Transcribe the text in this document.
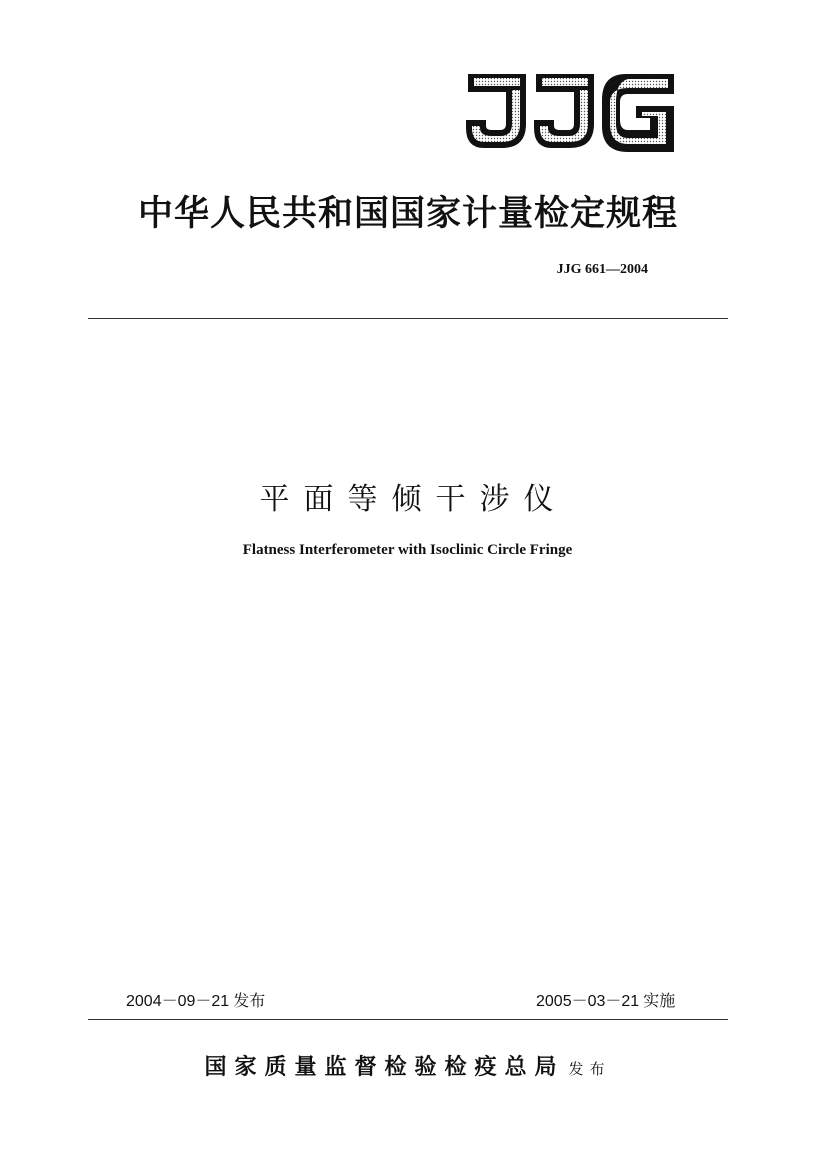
中华人民共和国国家计量检定规程
JJG 661—2004
平面等倾干涉仪
Flatness Interferometer with Isoclinic Circle Fringe
2004－09－21 发布	2005－03－21 实施
国家质量监督检验检疫总局 发布
